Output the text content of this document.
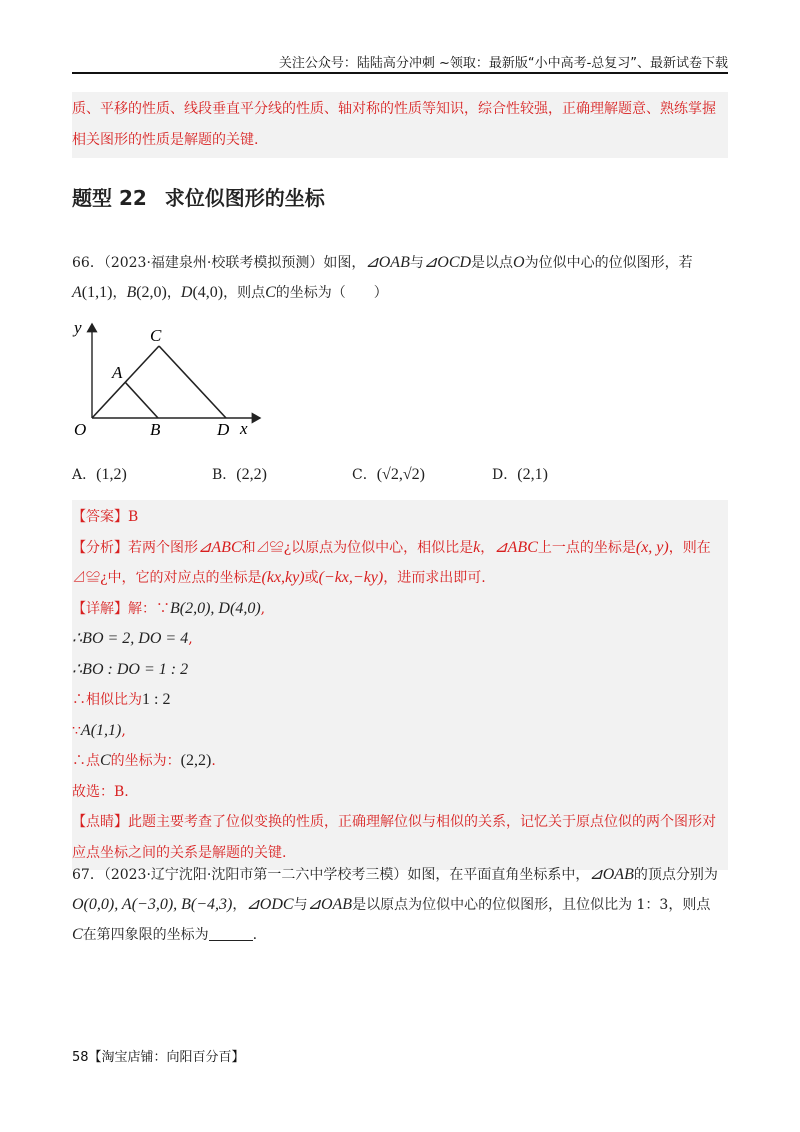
关注公众号：陆陆高分冲刺 ~领取：最新版“小中高考-总复习”、最新试卷下载
质、平移的性质、线段垂直平分线的性质、轴对称的性质等知识，综合性较强，正确理解题意、熟练掌握
相关图形的性质是解题的关键.
题型 22 求位似图形的坐标
66．（2023·福建泉州·校联考模拟预测）如图，⊿OAB与⊿OCD是以点O为位似中心的位似图形，若
A(1,1)，B(2,0)，D(4,0)，则点C的坐标为（　　）
y
x
O
A
B
C
D
A．(1,2)	B．(2,2)	C．(√2,√2)	D．(2,1)
【答案】B
【分析】若两个图形⊿ABC和⊿≌¿以原点为位似中心，相似比是k，⊿ABC上一点的坐标是(x, y)，则在
⊿≌¿中，它的对应点的坐标是(kx,ky)或(−kx,−ky)，进而求出即可.
【详解】解：∵B(2,0), D(4,0),
∴BO = 2, DO = 4,
∴BO : DO = 1 : 2
∴相似比为1 : 2
∵A(1,1),
∴点C的坐标为：(2,2).
故选：B.
【点睛】此题主要考查了位似变换的性质，正确理解位似与相似的关系，记忆关于原点位似的两个图形对
应点坐标之间的关系是解题的关键.
67．（2023·辽宁沈阳·沈阳市第一二六中学校考三模）如图，在平面直角坐标系中，⊿OAB的顶点分别为
O(0,0), A(−3,0), B(−4,3)，⊿ODC与⊿OAB是以原点为位似中心的位似图形，且位似比为 1：3，则点
C在第四象限的坐标为	.
58【淘宝店铺：向阳百分百】
